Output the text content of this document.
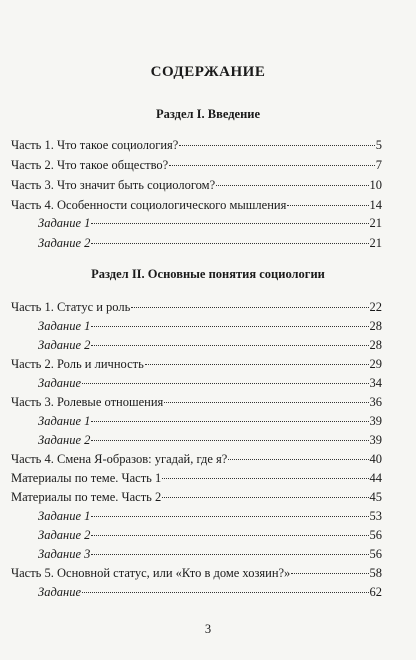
СОДЕРЖАНИЕ
Раздел I. Введение
Часть 1. Что такое социология?	5
Часть 2. Что такое общество?	7
Часть 3. Что значит быть социологом?	10
Часть 4. Особенности социологического мышления	14
Задание 1	21
Задание 2	21
Раздел II. Основные понятия социологии
Часть 1. Статус и роль	22
Задание 1	28
Задание 2	28
Часть 2. Роль и личность	29
Задание	34
Часть 3. Ролевые отношения	36
Задание 1	39
Задание 2	39
Часть 4. Смена Я-образов: угадай, где я?	40
Материалы по теме. Часть 1	44
Материалы по теме. Часть 2	45
Задание 1	53
Задание 2	56
Задание 3	56
Часть 5. Основной статус, или «Кто в доме хозяин?»	58
Задание	62
3
